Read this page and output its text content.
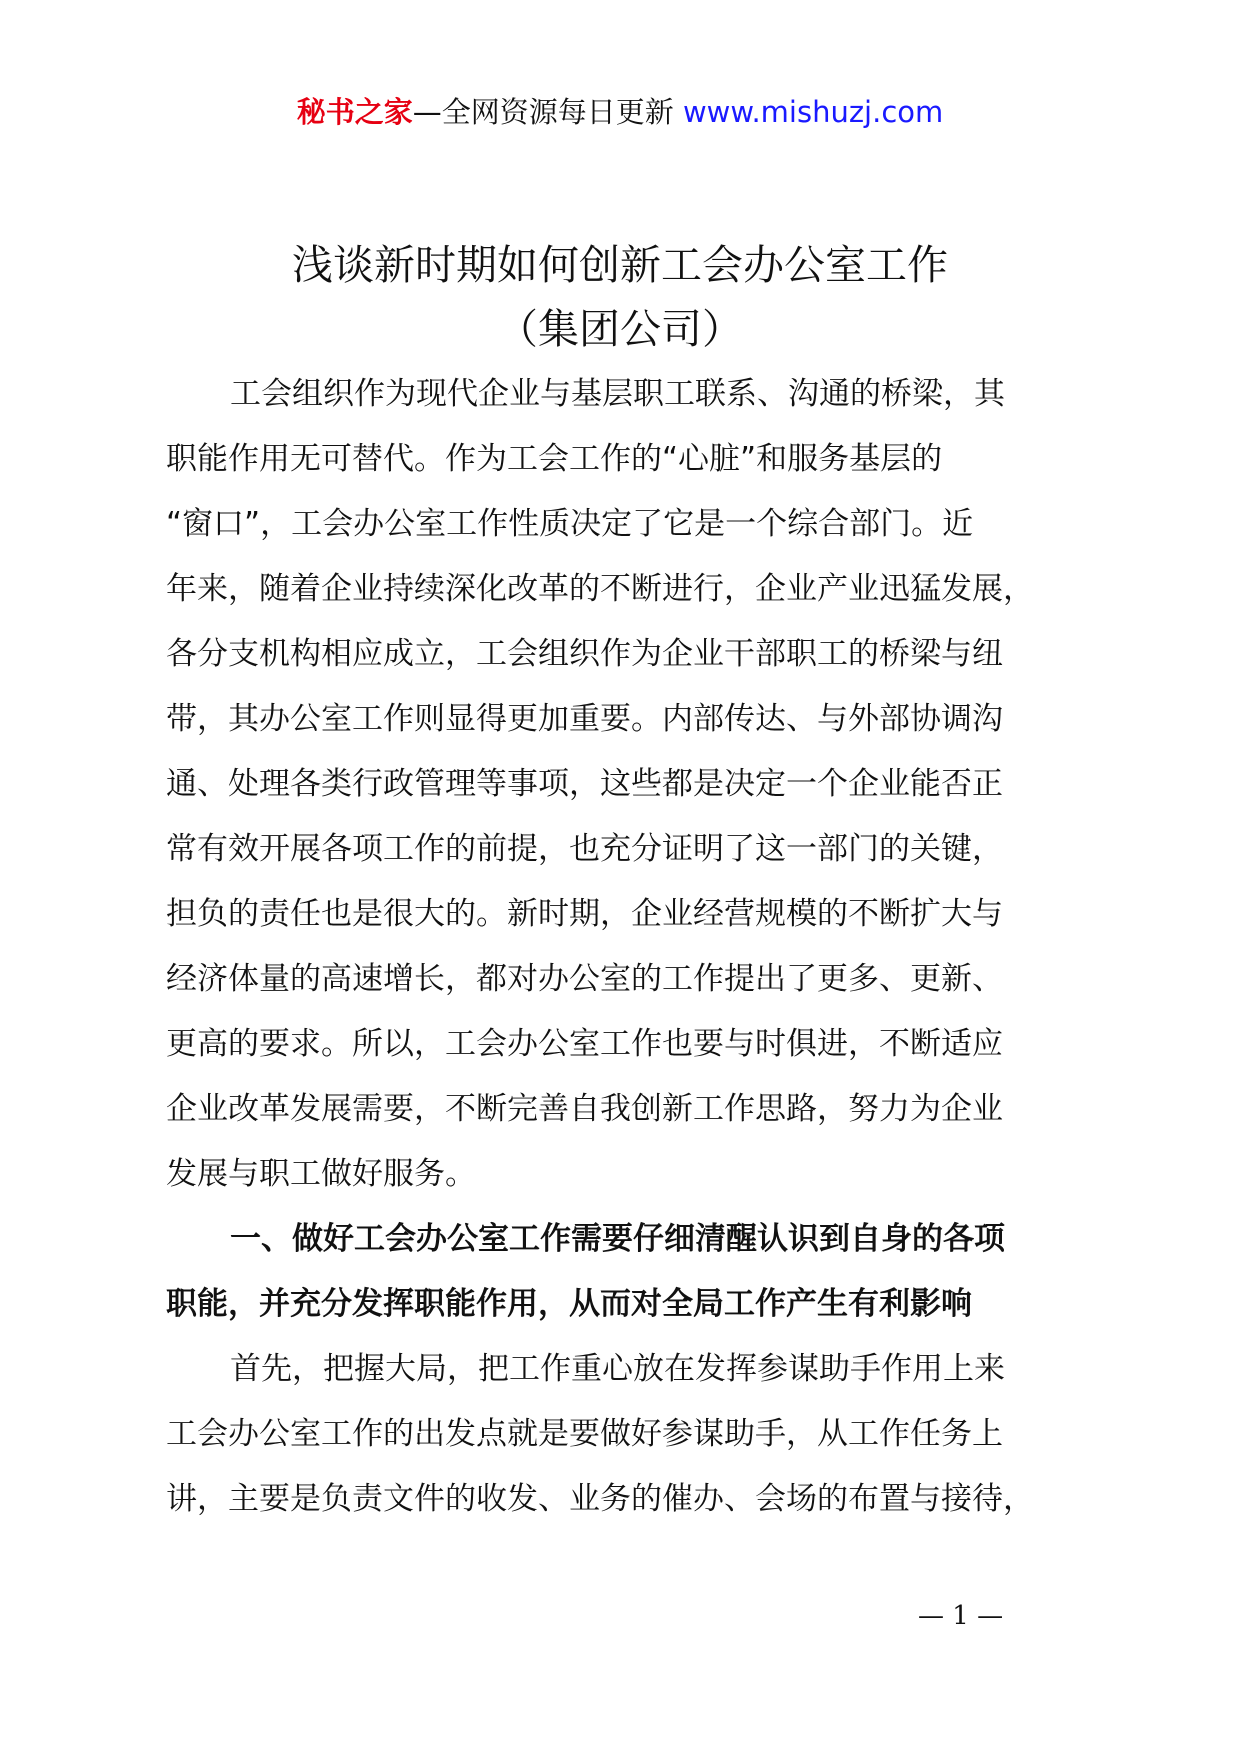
秘书之家—全网资源每日更新 www.mishuzj.com
浅谈新时期如何创新工会办公室工作
（集团公司）
工会组织作为现代企业与基层职工联系、沟通的桥梁，其
职能作用无可替代。作为工会工作的“心脏”和服务基层的
“窗口”，工会办公室工作性质决定了它是一个综合部门。近
年来，随着企业持续深化改革的不断进行，企业产业迅猛发展，
各分支机构相应成立，工会组织作为企业干部职工的桥梁与纽
带，其办公室工作则显得更加重要。内部传达、与外部协调沟
通、处理各类行政管理等事项，这些都是决定一个企业能否正
常有效开展各项工作的前提，也充分证明了这一部门的关键，
担负的责任也是很大的。新时期，企业经营规模的不断扩大与
经济体量的高速增长，都对办公室的工作提出了更多、更新、
更高的要求。所以，工会办公室工作也要与时俱进，不断适应
企业改革发展需要，不断完善自我创新工作思路，努力为企业
发展与职工做好服务。
一、做好工会办公室工作需要仔细清醒认识到自身的各项
职能，并充分发挥职能作用，从而对全局工作产生有利影响
首先，把握大局，把工作重心放在发挥参谋助手作用上来
工会办公室工作的出发点就是要做好参谋助手，从工作任务上
讲，主要是负责文件的收发、业务的催办、会场的布置与接待，
— 1 —
